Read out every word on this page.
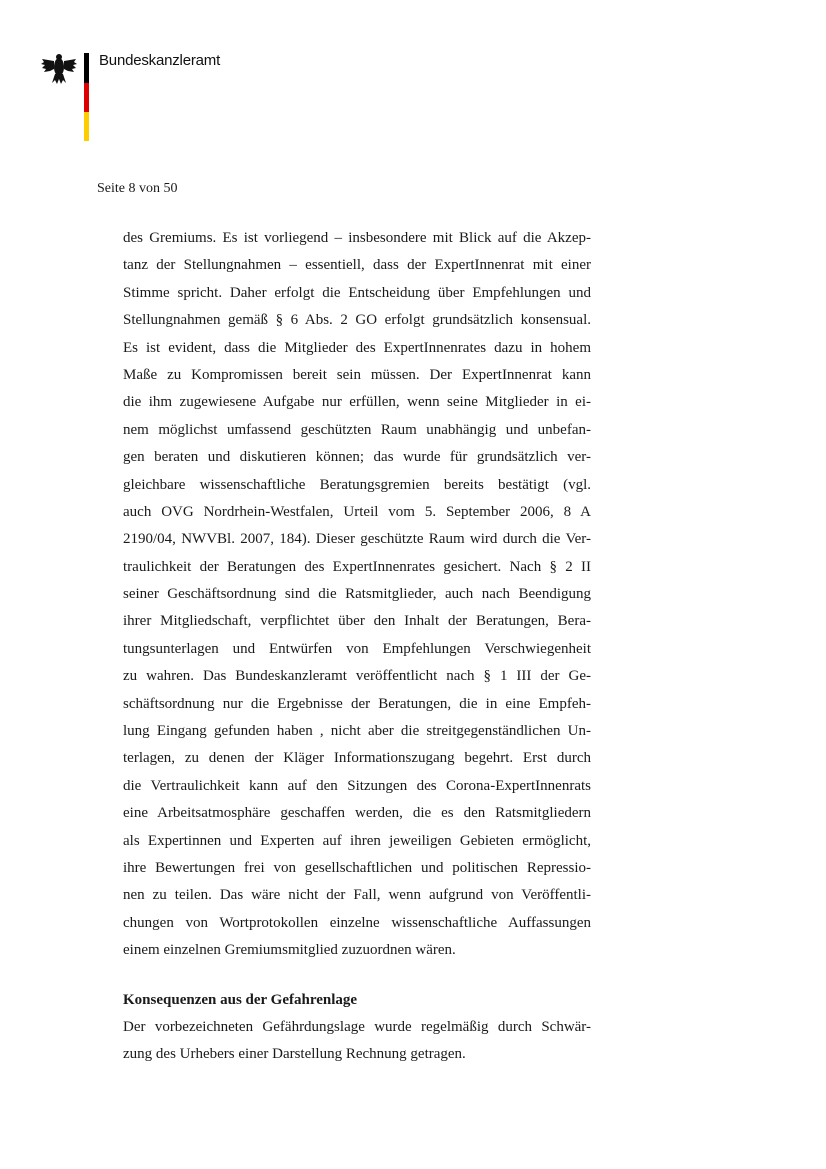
Bundeskanzleramt
Seite 8 von 50
des Gremiums. Es ist vorliegend – insbesondere mit Blick auf die Akzep-
tanz der Stellungnahmen – essentiell, dass der ExpertInnenrat mit einer
Stimme spricht. Daher erfolgt die Entscheidung über Empfehlungen und
Stellungnahmen gemäß § 6 Abs. 2 GO erfolgt grundsätzlich konsensual.
Es ist evident, dass die Mitglieder des ExpertInnenrates dazu in hohem
Maße zu Kompromissen bereit sein müssen. Der ExpertInnenrat kann
die ihm zugewiesene Aufgabe nur erfüllen, wenn seine Mitglieder in ei-
nem möglichst umfassend geschützten Raum unabhängig und unbefan-
gen beraten und diskutieren können; das wurde für grundsätzlich ver-
gleichbare wissenschaftliche Beratungsgremien bereits bestätigt (vgl.
auch OVG Nordrhein-Westfalen, Urteil vom 5. September 2006, 8 A
2190/04, NWVBl. 2007, 184). Dieser geschützte Raum wird durch die Ver-
traulichkeit der Beratungen des ExpertInnenrates gesichert. Nach § 2 II
seiner Geschäftsordnung sind die Ratsmitglieder, auch nach Beendigung
ihrer Mitgliedschaft, verpflichtet über den Inhalt der Beratungen, Bera-
tungsunterlagen und Entwürfen von Empfehlungen Verschwiegenheit
zu wahren. Das Bundeskanzleramt veröffentlicht nach § 1 III der Ge-
schäftsordnung nur die Ergebnisse der Beratungen, die in eine Empfeh-
lung Eingang gefunden haben , nicht aber die streitgegenständlichen Un-
terlagen, zu denen der Kläger Informationszugang begehrt. Erst durch
die Vertraulichkeit kann auf den Sitzungen des Corona-ExpertInnenrats
eine Arbeitsatmosphäre geschaffen werden, die es den Ratsmitgliedern
als Expertinnen und Experten auf ihren jeweiligen Gebieten ermöglicht,
ihre Bewertungen frei von gesellschaftlichen und politischen Repressio-
nen zu teilen. Das wäre nicht der Fall, wenn aufgrund von Veröffentli-
chungen von Wortprotokollen einzelne wissenschaftliche Auffassungen
einem einzelnen Gremiumsmitglied zuzuordnen wären.
Konsequenzen aus der Gefahrenlage
Der vorbezeichneten Gefährdungslage wurde regelmäßig durch Schwär-
zung des Urhebers einer Darstellung Rechnung getragen.
